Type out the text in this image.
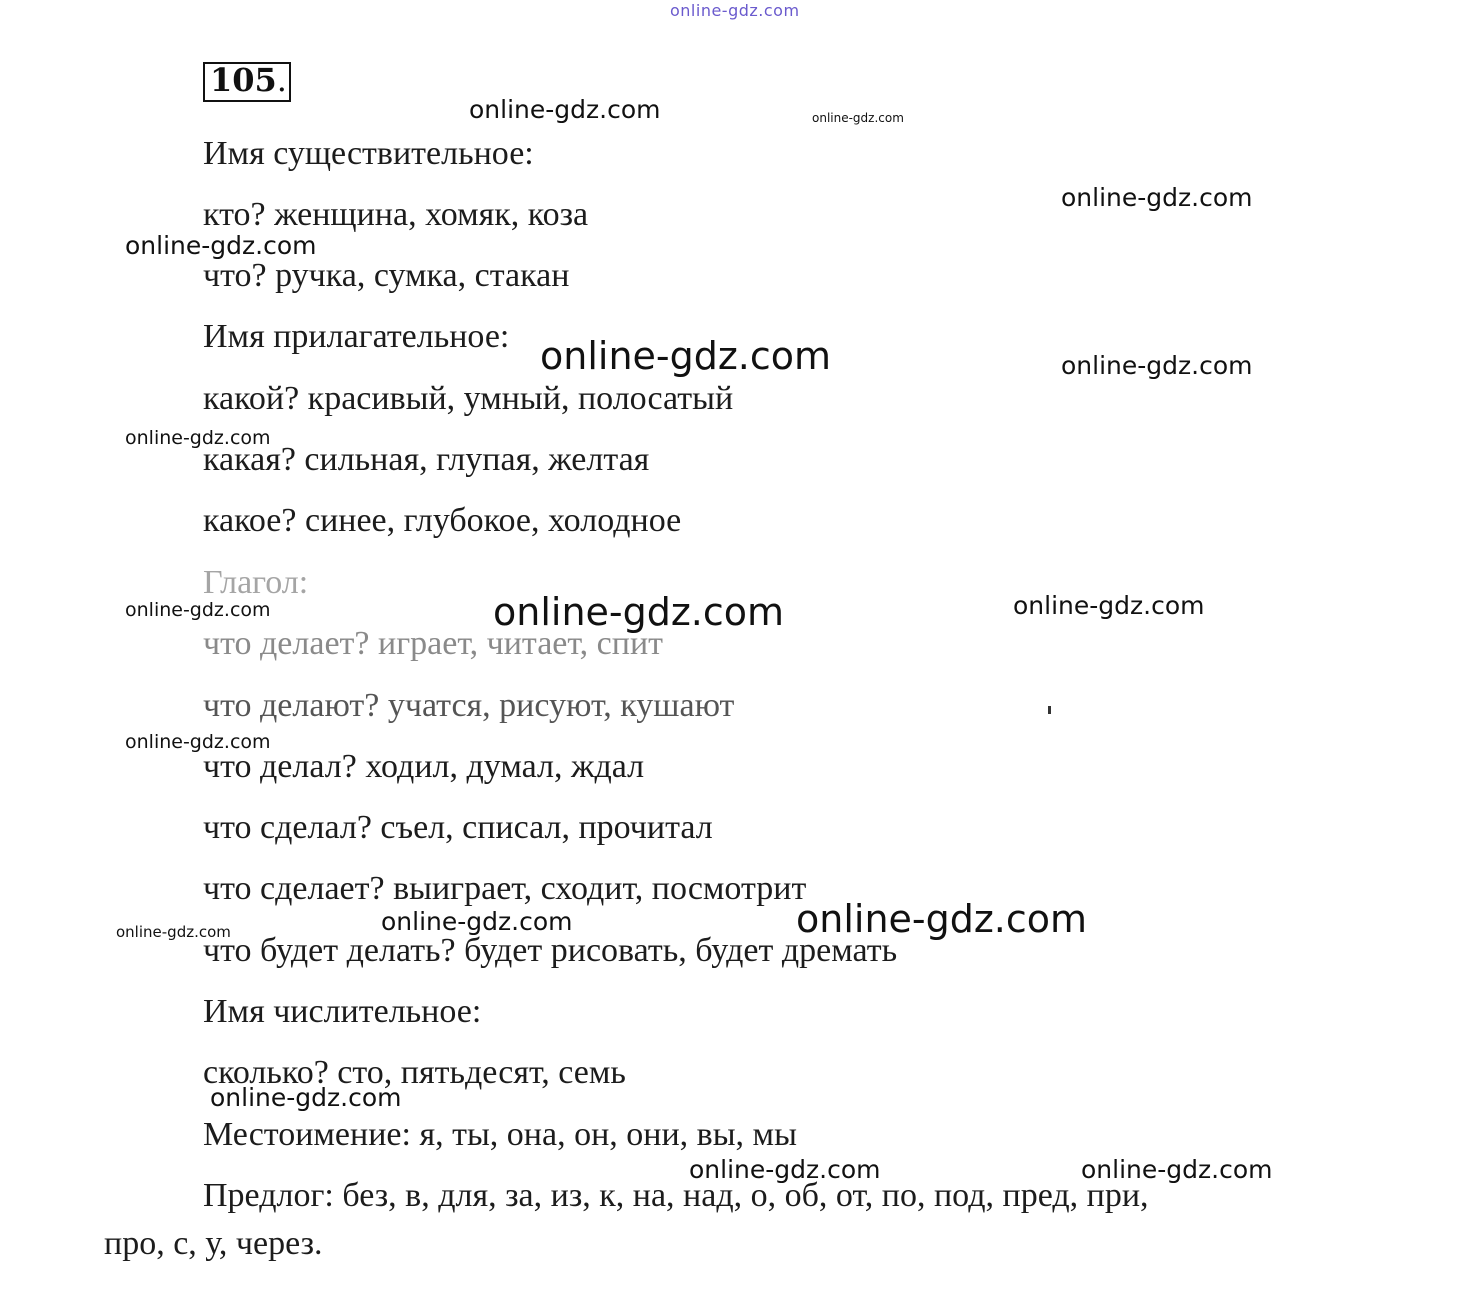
105.
Имя существительное:
кто? женщина, хомяк, коза
что? ручка, сумка, стакан
Имя прилагательное:
какой? красивый, умный, полосатый
какая? сильная, глупая, желтая
какое? синее, глубокое, холодное
Глагол:
что делает? играет, читает, спит
что делают? учатся, рисуют, кушают
что делал? ходил, думал, ждал
что сделал? съел, списал, прочитал
что сделает? выиграет, сходит, посмотрит
что будет делать? будет рисовать, будет дремать
Имя числительное:
сколько? сто, пятьдесят, семь
Местоимение: я, ты, она, он, они, вы, мы
Предлог: без, в, для, за, из, к, на, над, о, об, от, по, под, пред, при,
про, с, у, через.
online-gdz.com
online-gdz.com	online-gdz.com
online-gdz.com
online-gdz.com
online-gdz.com	online-gdz.com
online-gdz.com
online-gdz.com	online-gdz.com
online-gdz.com
online-gdz.com
online-gdz.com
online-gdz.com
online-gdz.com
online-gdz.com
online-gdz.com	online-gdz.com
